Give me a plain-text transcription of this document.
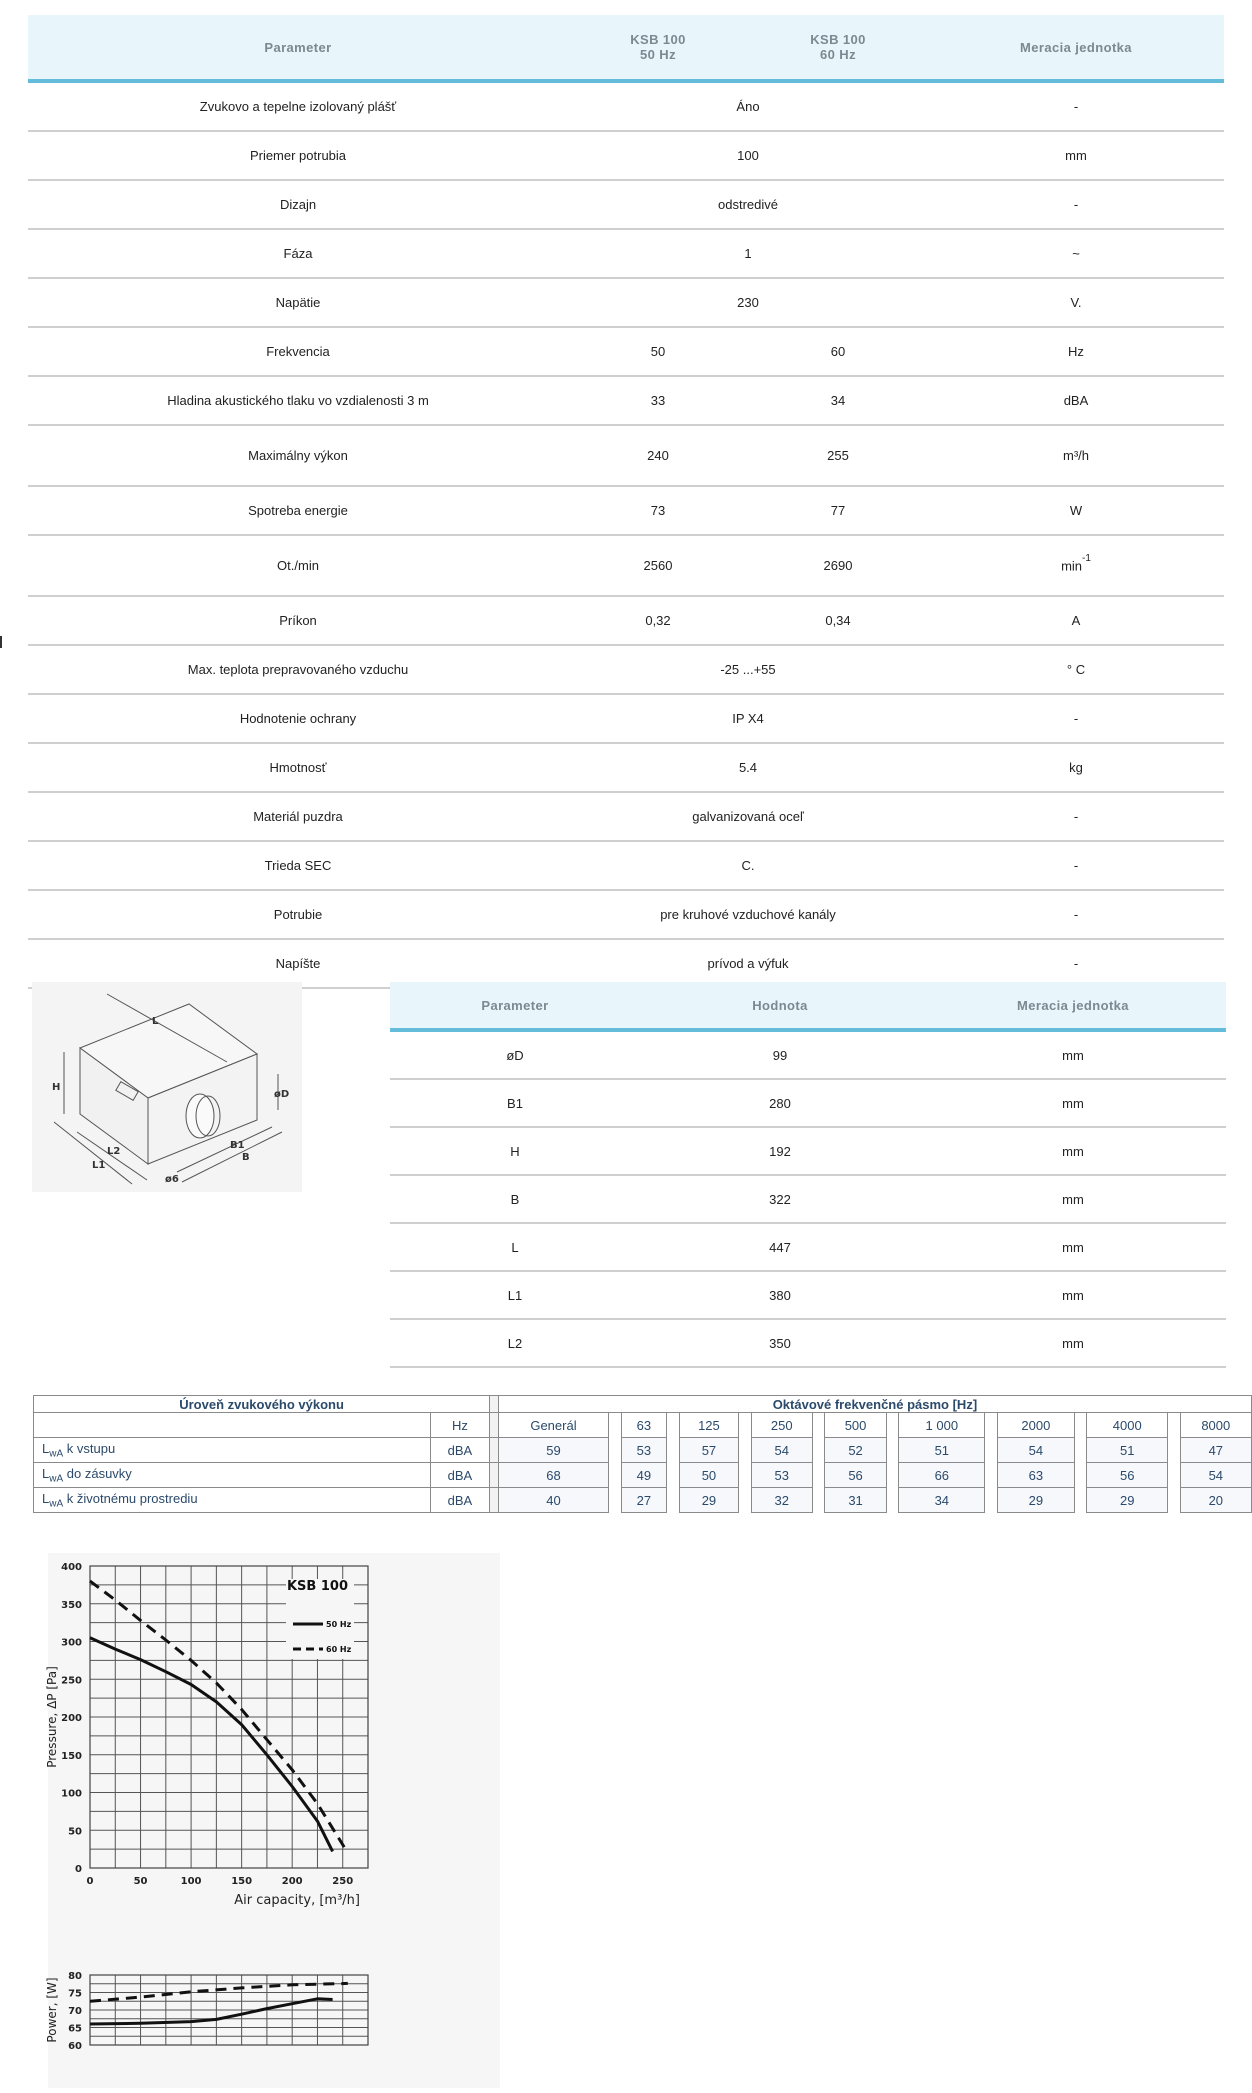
Parameter	KSB 100
50 Hz
KSB 100
60 Hz	Meracia jednotka
Zvukovo a tepelne izolovaný plášť	Áno	-
Priemer potrubia	100	mm
Dizajn	odstredivé	-
Fáza	1	~
Napätie	230	V.
Frekvencia	50	60	Hz
Hladina akustického tlaku vo vzdialenosti 3 m	33	34	dBA
Maximálny výkon	240	255	m³/h
Spotreba energie	73	77	W
Ot./min	2560	2690	$\min^{-1}$
Príkon	0,32	0,34	A
Max. teplota prepravovaného vzduchu	-25 ...+55	° C
Hodnotenie ochrany	IP X4	-
Hmotnosť	5.4	kg
Materiál puzdra	galvanizovaná oceľ	-
Trieda SEC	C.	-
Potrubie	pre kruhové vzduchové kanály	-
Napíšte	prívod a výfuk	-
L
H
L2
L1
B1
B
øD
ø6
Parameter	Hodnota	Meracia jednotka
øD	99	mm
B1	280	mm
H	192	mm
B	322	mm
L	447	mm
L1	380	mm
L2	350	mm
Úroveň zvukového výkonu			Oktávové frekvenčné pásmo [Hz]																
	Hz		Generál		63		125		250		500		1 000		2000		4000		8000
$L_{wA}$ k vstupu	dBA		59		53		57		54		52		51		54		51		47
$L_{wA}$ do zásuvky	dBA		68		49		50		53		56		66		63		56		54
$L_{wA}$ k životnému prostrediu	dBA		40		27		29		32		31		34		29		29		20
0
50
100
150
200
250
300
350
400
0	50	100	150	200	250
Pressure, ΔP [Pa]
Air capacity, [m³/h]
KSB 100
50 Hz
60 Hz
60
65
70
75
80
Power, [W]
